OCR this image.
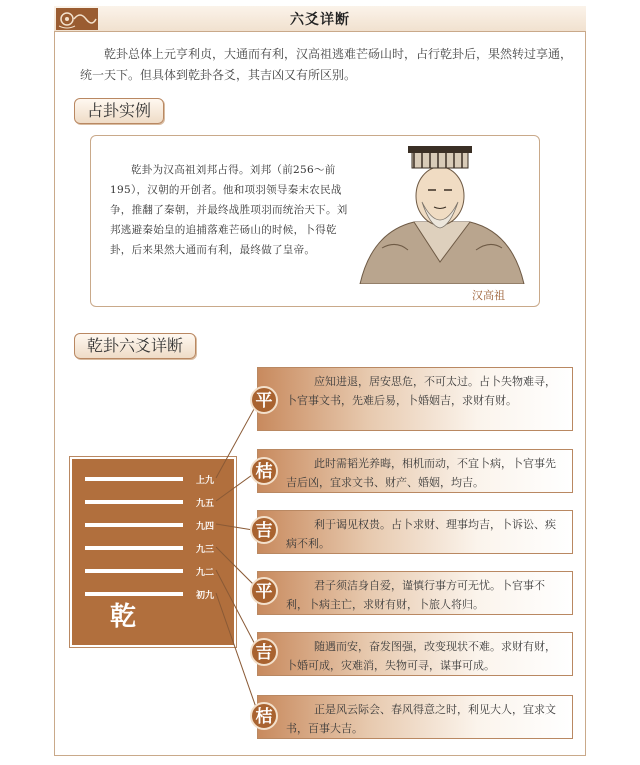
六爻详断

乾卦总体上元亨利贞，大通而有利，汉高祖逃难芒砀山时，占行乾卦后，果然转过享通，统一天下。但具体到乾卦各爻，其吉凶又有所区别。

占卦实例

乾卦为汉高祖刘邦占得。刘邦（前256～前195），汉朝的开创者。他和项羽领导秦末农民战争，推翻了秦朝，并最终战胜项羽而统治天下。刘邦逃避秦始皇的追捕落难芒砀山的时候，卜得乾卦，后来果然大通而有利，最终做了皇帝。

汉高祖
乾卦六爻详断
上九
九五
九四
九三
九二
初九
乾
应知进退，居安思危，不可太过。占卜失物难寻，卜官事文书，先难后易，卜婚姻吉，求财有财。
此时需韬光养晦，相机而动，不宜卜病，卜官事先吉后凶，宜求文书、财产、婚姻，均吉。
利于谒见权贵。占卜求财、理事均吉，卜诉讼、疾病不利。
君子须洁身自爱，谨慎行事方可无忧。卜官事不利，卜病主亡，求财有财，卜旅人将归。
随遇而安，奋发图强，改变现状不难。求财有财，卜婚可成，灾难消，失物可寻，谋事可成。
正是风云际会、春风得意之时，利见大人，宜求文书，百事大吉。
平
桔
吉
平
吉
桔
